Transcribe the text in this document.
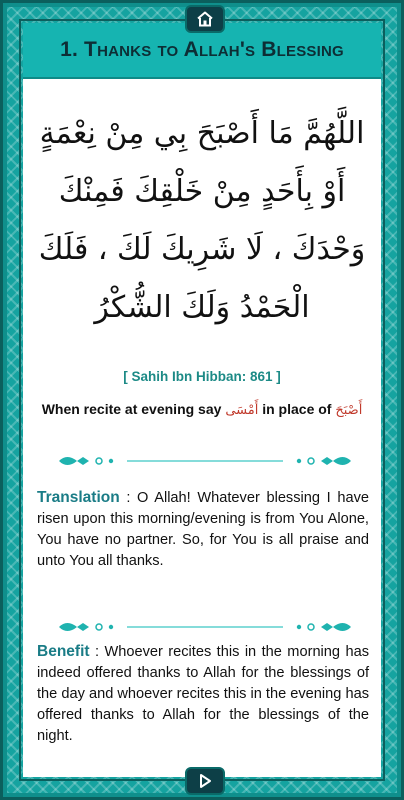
1. Thanks to Allah's Blessing
اللَّهُمَّ مَا أَصْبَحَ بِي مِنْ نِعْمَةٍ أَوْ بِأَحَدٍ مِنْ خَلْقِكَ فَمِنْكَ وَحْدَكَ ، لَا شَرِيكَ لَكَ ، فَلَكَ الْحَمْدُ وَلَكَ الشُّكْرُ
[ Sahih Ibn Hibban: 861 ]
When recite at evening say أَمْسَى in place of أَصْبَحَ
Translation : O Allah! Whatever blessing I have risen upon this morning/evening is from You Alone, You have no partner. So, for You is all praise and unto You all thanks.
Benefit : Whoever recites this in the morning has indeed offered thanks to Allah for the blessings of the day and whoever recites this in the evening has offered thanks to Allah for the blessings of the night.
